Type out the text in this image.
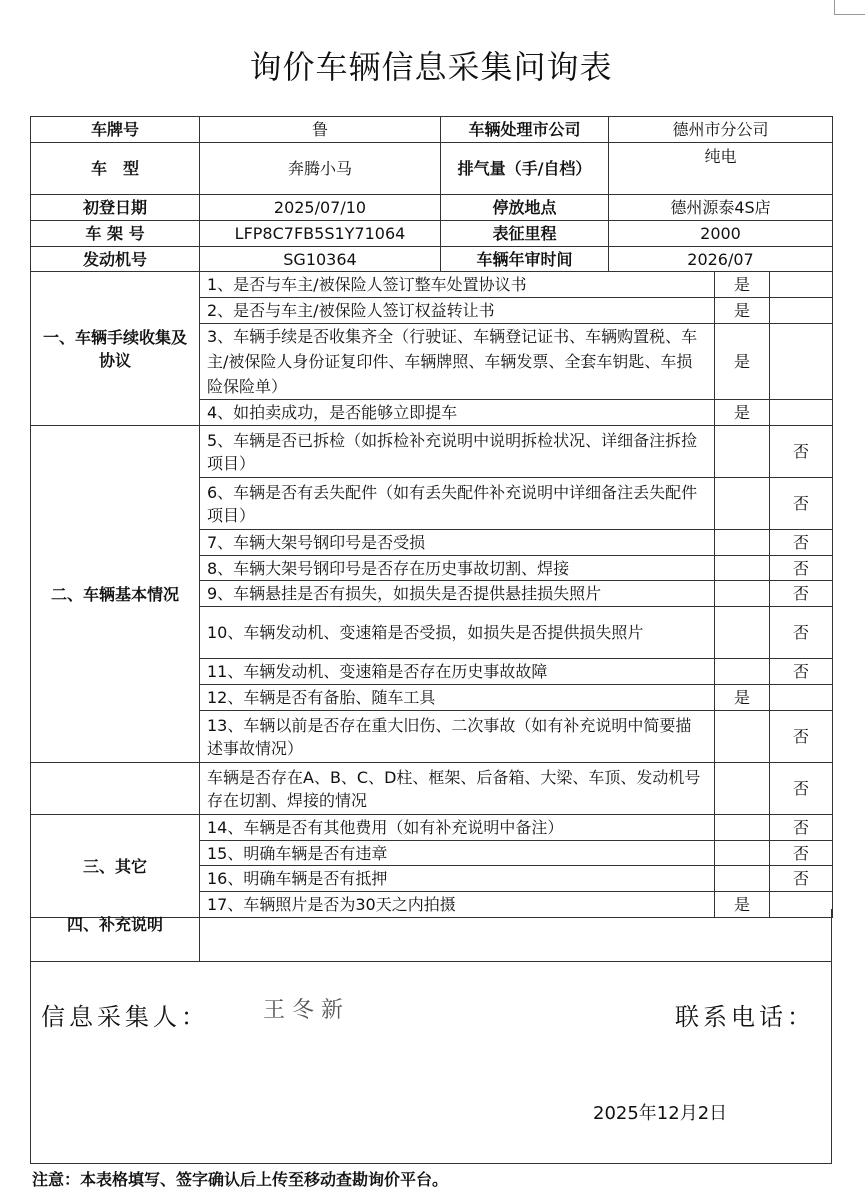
询价车辆信息采集问询表
车牌号	鲁	车辆处理市公司	德州市分公司		
车　型	奔腾小马	排气量（手/自档）	纯电		
初登日期	2025/07/10	停放地点	德州源泰4S店		
车 架 号	LFP8C7FB5S1Y71064	表征里程	2000		
发动机号	SG10364	车辆年审时间	2026/07		
一、车辆手续收集及协议	1、是否与车主/被保险人签订整车处置协议书			是	
	2、是否与车主/被保险人签订权益转让书			是	
	3、车辆手续是否收集齐全（行驶证、车辆登记证书、车辆购置税、车主/被保险人身份证复印件、车辆牌照、车辆发票、全套车钥匙、车损险保险单）			是	
	4、如拍卖成功，是否能够立即提车			是	
二、车辆基本情况	5、车辆是否已拆检（如拆检补充说明中说明拆检状况、详细备注拆捡项目）				否
	6、车辆是否有丢失配件（如有丢失配件补充说明中详细备注丢失配件项目）				否
	7、车辆大架号钢印号是否受损				否
	8、车辆大架号钢印号是否存在历史事故切割、焊接				否
	9、车辆悬挂是否有损失，如损失是否提供悬挂损失照片				否
	10、车辆发动机、变速箱是否受损，如损失是否提供损失照片				否
	11、车辆发动机、变速箱是否存在历史事故故障				否
	12、车辆是否有备胎、随车工具			是	
	13、车辆以前是否存在重大旧伤、二次事故（如有补充说明中简要描述事故情况）				否
	车辆是否存在A、B、C、D柱、框架、后备箱、大梁、车顶、发动机号存在切割、焊接的情况				否
三、其它	14、车辆是否有其他费用（如有补充说明中备注）				否
	15、明确车辆是否有违章				否
	16、明确车辆是否有抵押				否
	17、车辆照片是否为30天之内拍摄			是	
四、补充说明
信息采集人： 王 冬 新	联系电话：
2025年12月2日
注意：本表格填写、签字确认后上传至移动查勘询价平台。
